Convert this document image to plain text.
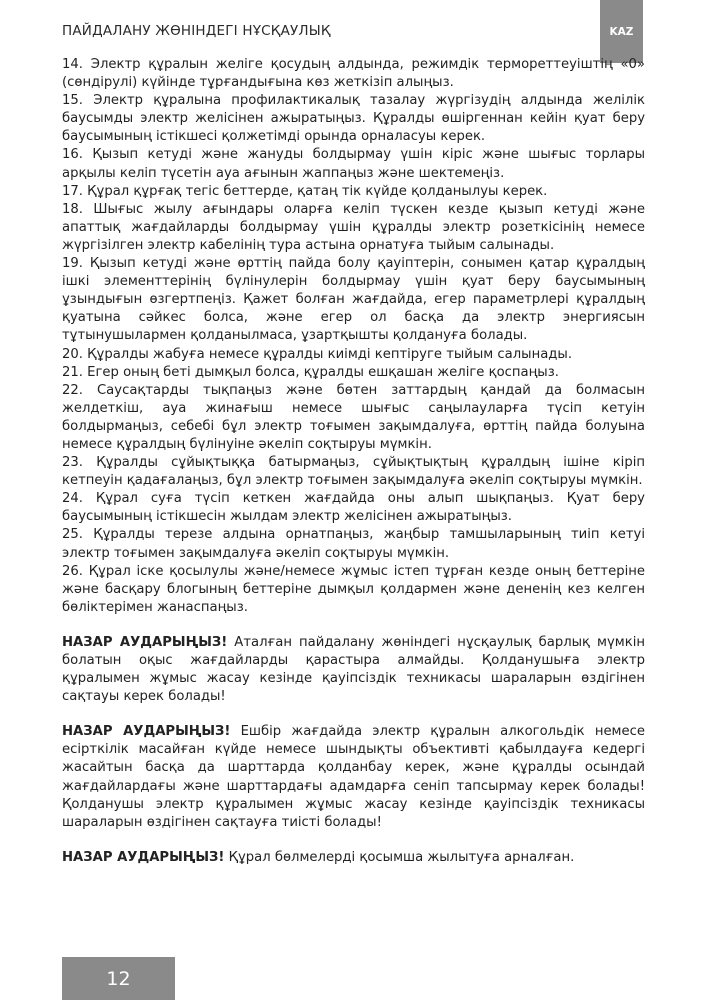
ПАЙДАЛАНУ ЖӨНІНДЕГІ НҰСҚАУЛЫҚ	KAZ

14. Электр құралын желіге қосудың алдында, режимдік термореттеуіштің «0» (сөндірулі) күйінде тұрғандығына көз жеткізіп алыңыз.

15. Электр құралына профилактикалық тазалау жүргізудің алдында желілік баусымды электр желісінен ажыратыңыз. Құралды өшіргеннан кейін қуат беру баусымының істікшесі қолжетімді орында орналасуы керек.

16. Қызып кетуді және жануды болдырмау үшін кіріс және шығыс торлары арқылы келіп түсетін ауа ағынын жаппаңыз және шектемеңіз.

17. Құрал құрғақ тегіс беттерде, қатаң тік күйде қолданылуы керек.

18. Шығыс жылу ағындары оларға келіп түскен кезде қызып кетуді және апаттық жағдайларды болдырмау үшін құралды электр розеткісінің немесе жүргізілген электр кабелінің тура астына орнатуға тыйым салынады.

19. Қызып кетуді және өрттің пайда болу қауіптерін, сонымен қатар құралдың ішкі элементтерінің бүлінулерін болдырмау үшін қуат беру баусымының ұзындығын өзгертпеңіз. Қажет болған жағдайда, егер параметрлері құралдың қуатына сәйкес болса, және егер ол басқа да электр энергиясын тұтынушылармен қолданылмаса, ұзартқышты қолдануға болады.

20. Құралды жабуға немесе құралды киімді кептіруге тыйым салынады.

21. Егер оның беті дымқыл болса, құралды ешқашан желіге қоспаңыз.

22. Саусақтарды тықпаңыз және бөтен заттардың қандай да болмасын желдеткіш, ауа жинағыш немесе шығыс саңылауларға түсіп кетуін болдырмаңыз, себебі бұл электр тоғымен зақымдалуға, өрттің пайда болуына немесе құралдың бүлінуіне әкеліп соқтыруы мүмкін.

23. Құралды сұйықтыққа батырмаңыз, сұйықтықтың құралдың ішіне кіріп кетпеуін қадағалаңыз, бұл электр тоғымен зақымдалуға әкеліп соқтыруы мүмкін.

24. Құрал суға түсіп кеткен жағдайда оны алып шықпаңыз. Қуат беру баусымының істікшесін жылдам электр желісінен ажыратыңыз.

25. Құралды терезе алдына орнатпаңыз, жаңбыр тамшыларының тиіп кетуі электр тоғымен зақымдалуға әкеліп соқтыруы мүмкін.

26. Құрал іске қосылулы және/немесе жұмыс істеп тұрған кезде оның беттеріне және басқару блогының беттеріне дымқыл қолдармен және дененің кез келген бөліктерімен жанаспаңыз.

НАЗАР АУДАРЫҢЫЗ! Аталған пайдалану жөніндегі нұсқаулық барлық мүмкін болатын оқыс жағдайларды қарастыра алмайды. Қолданушыға электр құралымен жұмыс жасау кезінде қауіпсіздік техникасы шараларын өздігінен сақтауы керек болады!

НАЗАР АУДАРЫҢЫЗ! Ешбір жағдайда электр құралын алкогольдік немесе есірткілік масайған күйде немесе шындықты объективті қабылдауға кедергі жасайтын басқа да шарттарда қолданбау керек, және құралды осындай жағдайлардағы және шарттардағы адамдарға сеніп тапсырмау керек болады! Қолданушы электр құралымен жұмыс жасау кезінде қауіпсіздік техникасы шараларын өздігінен сақтауға тиісті болады!

НАЗАР АУДАРЫҢЫЗ! Құрал бөлмелерді қосымша жылытуға арналған.

12
